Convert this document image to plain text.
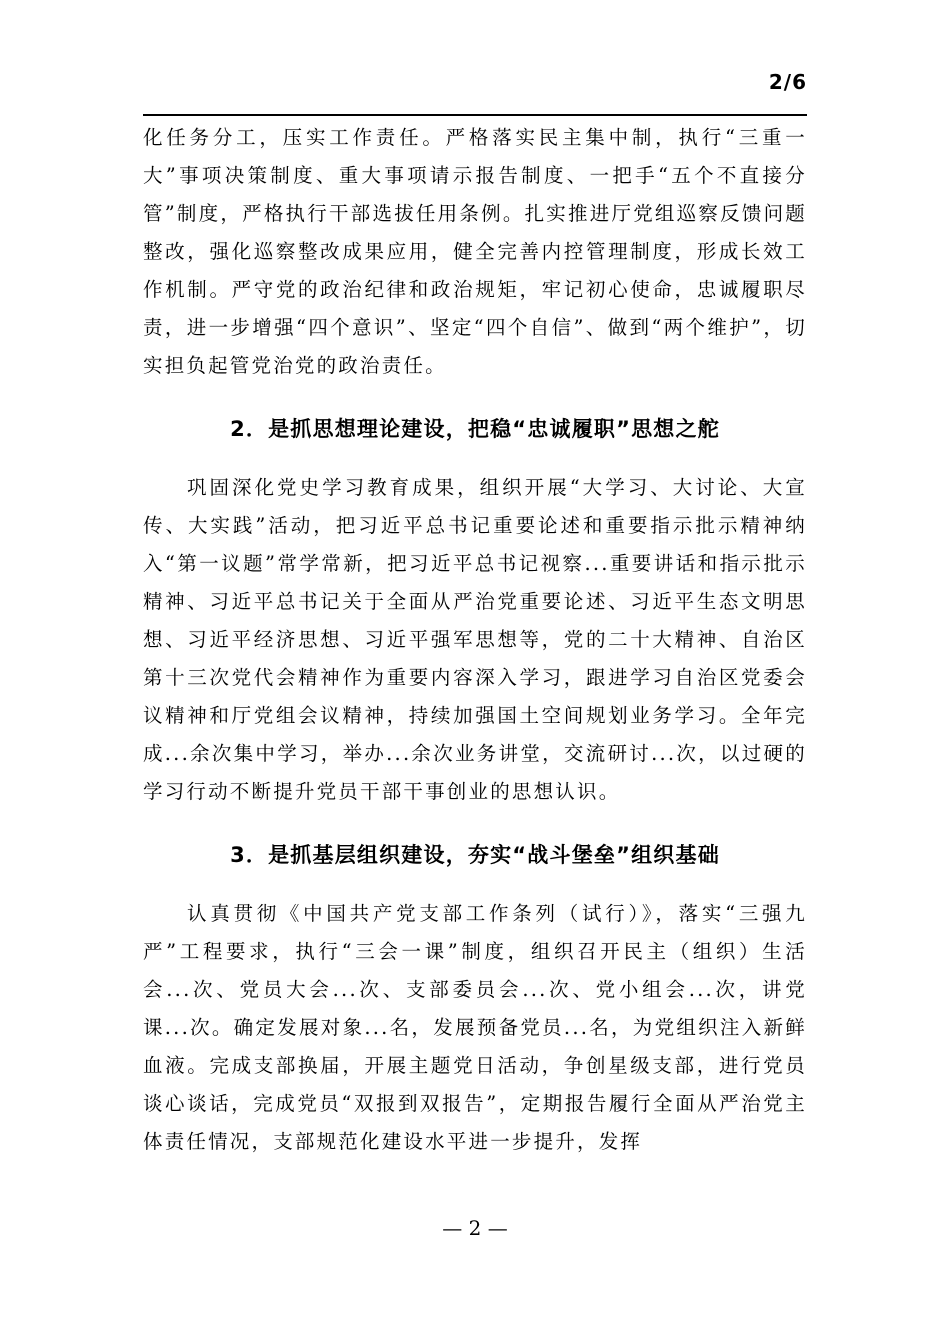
2/6

化任务分工，压实工作责任。严格落实民主集中制，执行“三重一大”事项决策制度、重大事项请示报告制度、一把手“五个不直接分管”制度，严格执行干部选拔任用条例。扎实推进厅党组巡察反馈问题整改，强化巡察整改成果应用，健全完善内控管理制度，形成长效工作机制。严守党的政治纪律和政治规矩，牢记初心使命，忠诚履职尽责，进一步增强“四个意识”、坚定“四个自信”、做到“两个维护”，切实担负起管党治党的政治责任。

2．是抓思想理论建设，把稳“忠诚履职”思想之舵

巩固深化党史学习教育成果，组织开展“大学习、大讨论、大宣传、大实践”活动，把习近平总书记重要论述和重要指示批示精神纳入“第一议题”常学常新，把习近平总书记视察...重要讲话和指示批示精神、习近平总书记关于全面从严治党重要论述、习近平生态文明思想、习近平经济思想、习近平强军思想等，党的二十大精神、自治区第十三次党代会精神作为重要内容深入学习，跟进学习自治区党委会议精神和厅党组会议精神，持续加强国土空间规划业务学习。全年完成...余次集中学习，举办...余次业务讲堂，交流研讨...次，以过硬的学习行动不断提升党员干部干事创业的思想认识。

3．是抓基层组织建设，夯实“战斗堡垒”组织基础

认真贯彻《中国共产党支部工作条列（试行）》，落实“三强九严”工程要求，执行“三会一课”制度，组织召开民主（组织）生活会...次、党员大会...次、支部委员会...次、党小组会...次，讲党课...次。确定发展对象...名，发展预备党员...名，为党组织注入新鲜血液。完成支部换届，开展主题党日活动，争创星级支部，进行党员谈心谈话，完成党员“双报到双报告”，定期报告履行全面从严治党主体责任情况，支部规范化建设水平进一步提升，发挥

— 2 —
